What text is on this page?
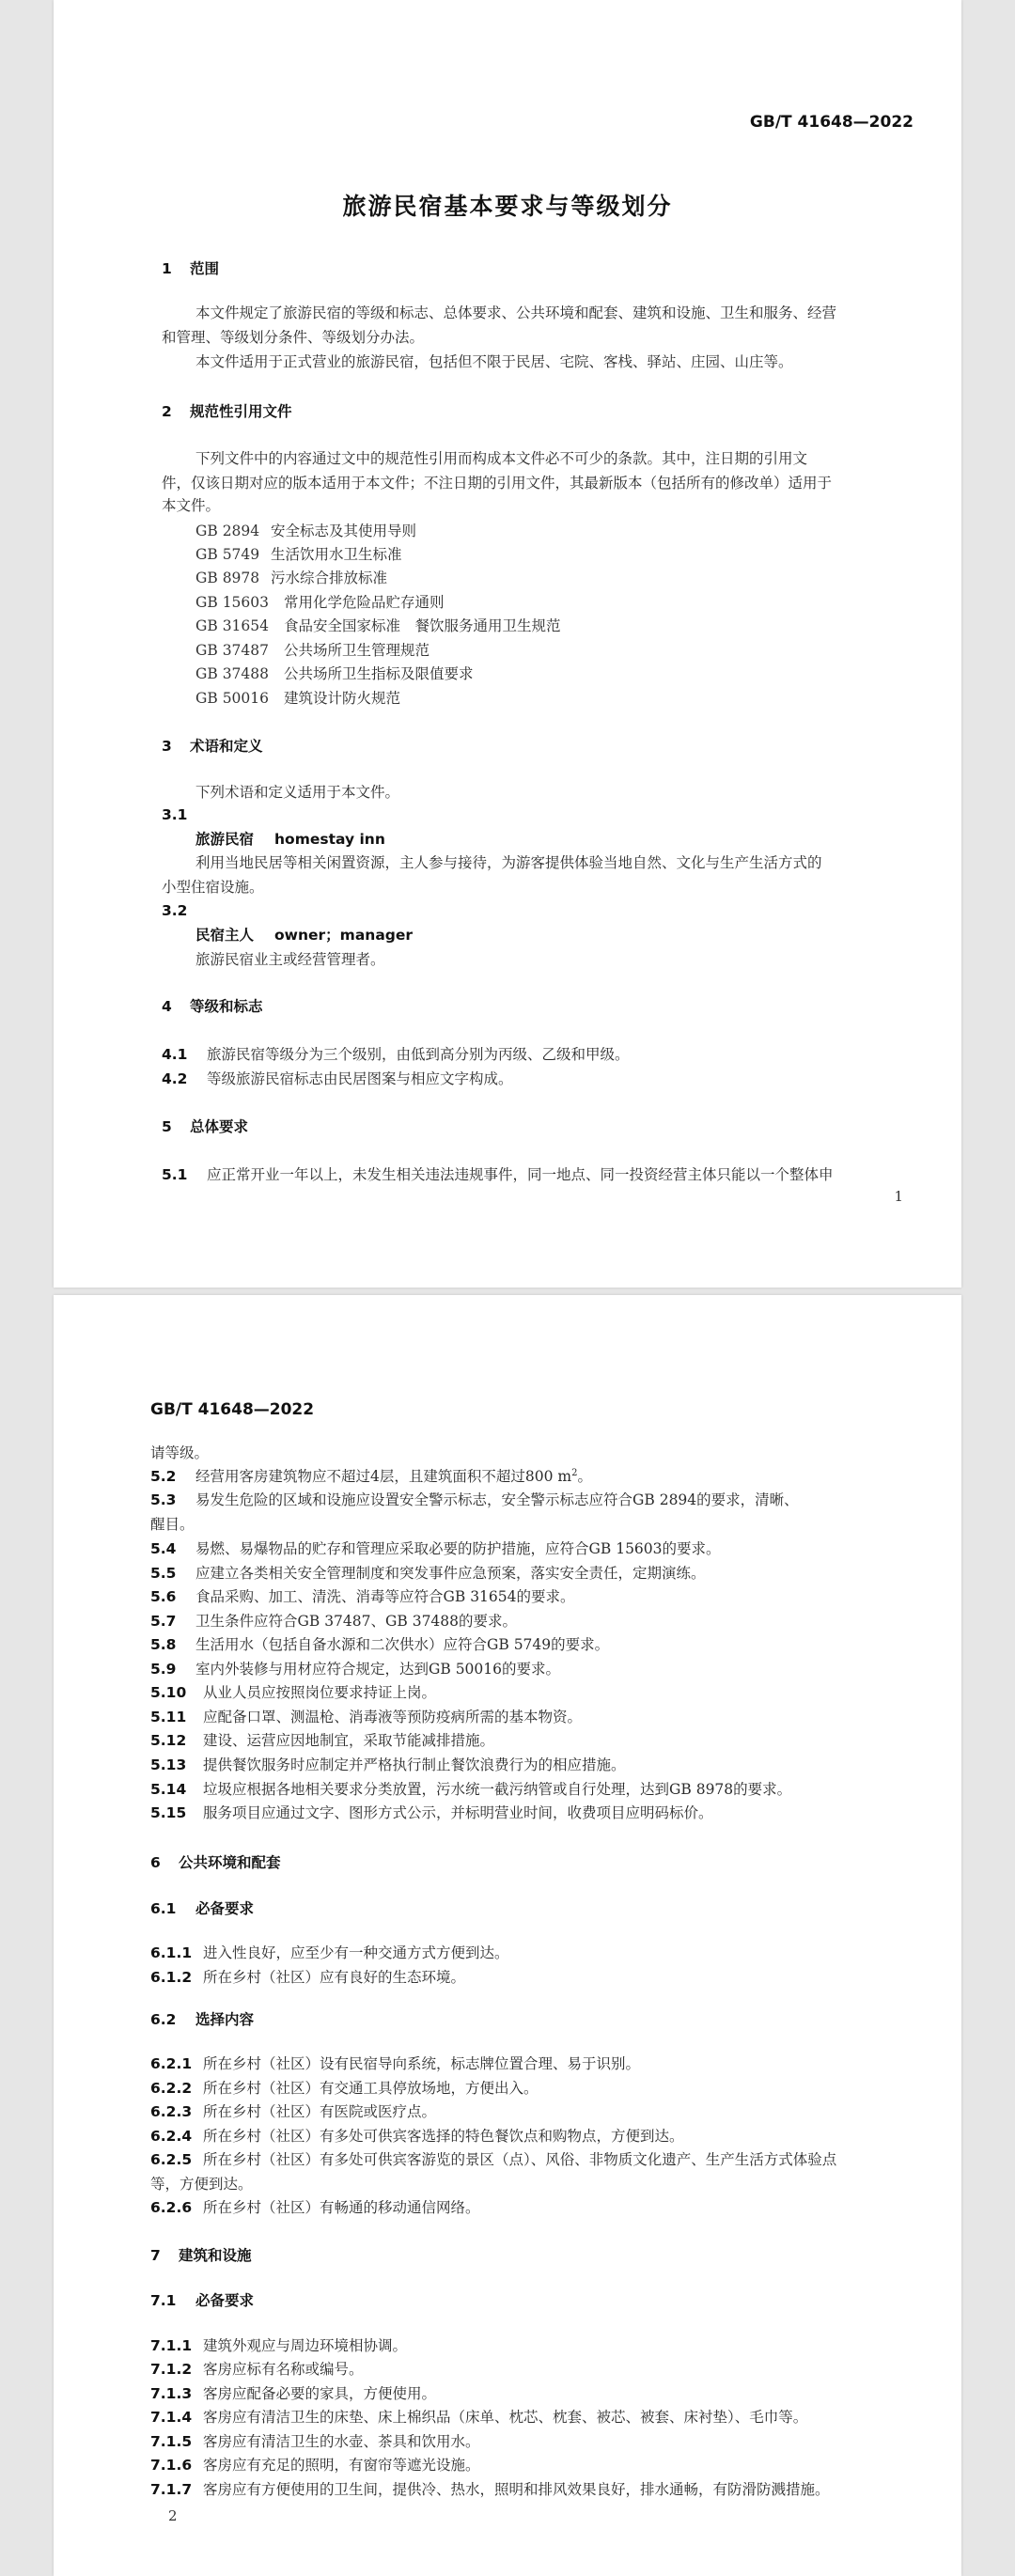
GB/T 41648—2022
旅游民宿基本要求与等级划分
1 范围
本文件规定了旅游民宿的等级和标志、总体要求、公共环境和配套、建筑和设施、卫生和服务、经营
和管理、等级划分条件、等级划分办法。
本文件适用于正式营业的旅游民宿，包括但不限于民居、宅院、客栈、驿站、庄园、山庄等。
2 规范性引用文件
下列文件中的内容通过文中的规范性引用而构成本文件必不可少的条款。其中，注日期的引用文
件，仅该日期对应的版本适用于本文件；不注日期的引用文件，其最新版本（包括所有的修改单）适用于
本文件。
GB 2894 安全标志及其使用导则
GB 5749 生活饮用水卫生标准
GB 8978 污水综合排放标准
GB 15603 常用化学危险品贮存通则
GB 31654 食品安全国家标准　餐饮服务通用卫生规范
GB 37487 公共场所卫生管理规范
GB 37488 公共场所卫生指标及限值要求
GB 50016 建筑设计防火规范
3 术语和定义
下列术语和定义适用于本文件。
3.1
旅游民宿 homestay inn
利用当地民居等相关闲置资源，主人参与接待，为游客提供体验当地自然、文化与生产生活方式的
小型住宿设施。
3.2
民宿主人 owner；manager
旅游民宿业主或经营管理者。
4 等级和标志
4.1 旅游民宿等级分为三个级别，由低到高分别为丙级、乙级和甲级。
4.2 等级旅游民宿标志由民居图案与相应文字构成。
5 总体要求
5.1 应正常开业一年以上，未发生相关违法违规事件，同一地点、同一投资经营主体只能以一个整体申
1
GB/T 41648—2022
请等级。
5.2 经营用客房建筑物应不超过4层，且建筑面积不超过800 $m^2$。
5.3 易发生危险的区域和设施应设置安全警示标志，安全警示标志应符合GB 2894的要求，清晰、
醒目。
5.4 易燃、易爆物品的贮存和管理应采取必要的防护措施，应符合GB 15603的要求。
5.5 应建立各类相关安全管理制度和突发事件应急预案，落实安全责任，定期演练。
5.6 食品采购、加工、清洗、消毒等应符合GB 31654的要求。
5.7 卫生条件应符合GB 37487、GB 37488的要求。
5.8 生活用水（包括自备水源和二次供水）应符合GB 5749的要求。
5.9 室内外装修与用材应符合规定，达到GB 50016的要求。
5.10 从业人员应按照岗位要求持证上岗。
5.11 应配备口罩、测温枪、消毒液等预防疫病所需的基本物资。
5.12 建设、运营应因地制宜，采取节能减排措施。
5.13 提供餐饮服务时应制定并严格执行制止餐饮浪费行为的相应措施。
5.14 垃圾应根据各地相关要求分类放置，污水统一截污纳管或自行处理，达到GB 8978的要求。
5.15 服务项目应通过文字、图形方式公示，并标明营业时间，收费项目应明码标价。
6 公共环境和配套
6.1 必备要求
6.1.1 进入性良好，应至少有一种交通方式方便到达。
6.1.2 所在乡村（社区）应有良好的生态环境。
6.2 选择内容
6.2.1 所在乡村（社区）设有民宿导向系统，标志牌位置合理、易于识别。
6.2.2 所在乡村（社区）有交通工具停放场地，方便出入。
6.2.3 所在乡村（社区）有医院或医疗点。
6.2.4 所在乡村（社区）有多处可供宾客选择的特色餐饮点和购物点，方便到达。
6.2.5 所在乡村（社区）有多处可供宾客游览的景区（点）、风俗、非物质文化遗产、生产生活方式体验点
等，方便到达。
6.2.6 所在乡村（社区）有畅通的移动通信网络。
7 建筑和设施
7.1 必备要求
7.1.1 建筑外观应与周边环境相协调。
7.1.2 客房应标有名称或编号。
7.1.3 客房应配备必要的家具，方便使用。
7.1.4 客房应有清洁卫生的床垫、床上棉织品（床单、枕芯、枕套、被芯、被套、床衬垫）、毛巾等。
7.1.5 客房应有清洁卫生的水壶、茶具和饮用水。
7.1.6 客房应有充足的照明，有窗帘等遮光设施。
7.1.7 客房应有方便使用的卫生间，提供冷、热水，照明和排风效果良好，排水通畅，有防滑防溅措施。
2
